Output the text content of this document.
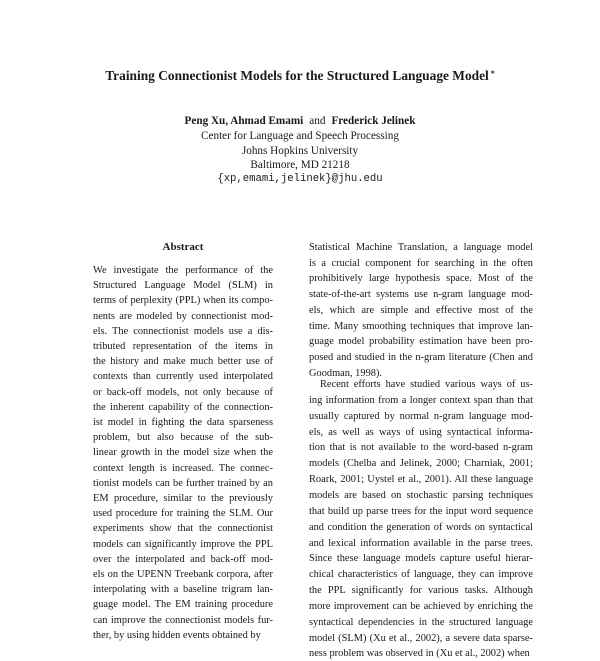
Training Connectionist Models for the Structured Language Model *
Peng Xu, Ahmad Emami and Frederick Jelinek
Center for Language and Speech Processing
Johns Hopkins University
Baltimore, MD 21218
{xp,emami,jelinek}@jhu.edu
Abstract
We investigate the performance of the
Structured Language Model (SLM) in
terms of perplexity (PPL) when its compo-
nents are modeled by connectionist mod-
els. The connectionist models use a dis-
tributed representation of the items in
the history and make much better use of
contexts than currently used interpolated
or back-off models, not only because of
the inherent capability of the connection-
ist model in fighting the data sparseness
problem, but also because of the sub-
linear growth in the model size when the
context length is increased. The connec-
tionist models can be further trained by an
EM procedure, similar to the previously
used procedure for training the SLM. Our
experiments show that the connectionist
models can significantly improve the PPL
over the interpolated and back-off mod-
els on the UPENN Treebank corpora, after
interpolating with a baseline trigram lan-
guage model. The EM training procedure
can improve the connectionist models fur-
ther, by using hidden events obtained by
Statistical Machine Translation, a language model
is a crucial component for searching in the often
prohibitively large hypothesis space. Most of the
state-of-the-art systems use n-gram language mod-
els, which are simple and effective most of the
time. Many smoothing techniques that improve lan-
guage model probability estimation have been pro-
posed and studied in the n-gram literature (Chen and
Goodman, 1998).
Recent efforts have studied various ways of us-
ing information from a longer context span than that
usually captured by normal n-gram language mod-
els, as well as ways of using syntactical informa-
tion that is not available to the word-based n-gram
models (Chelba and Jelinek, 2000; Charniak, 2001;
Roark, 2001; Uystel et al., 2001). All these language
models are based on stochastic parsing techniques
that build up parse trees for the input word sequence
and condition the generation of words on syntactical
and lexical information available in the parse trees.
Since these language models capture useful hierar-
chical characteristics of language, they can improve
the PPL significantly for various tasks. Although
more improvement can be achieved by enriching the
syntactical dependencies in the structured language
model (SLM) (Xu et al., 2002), a severe data sparse-
ness problem was observed in (Xu et al., 2002) when
